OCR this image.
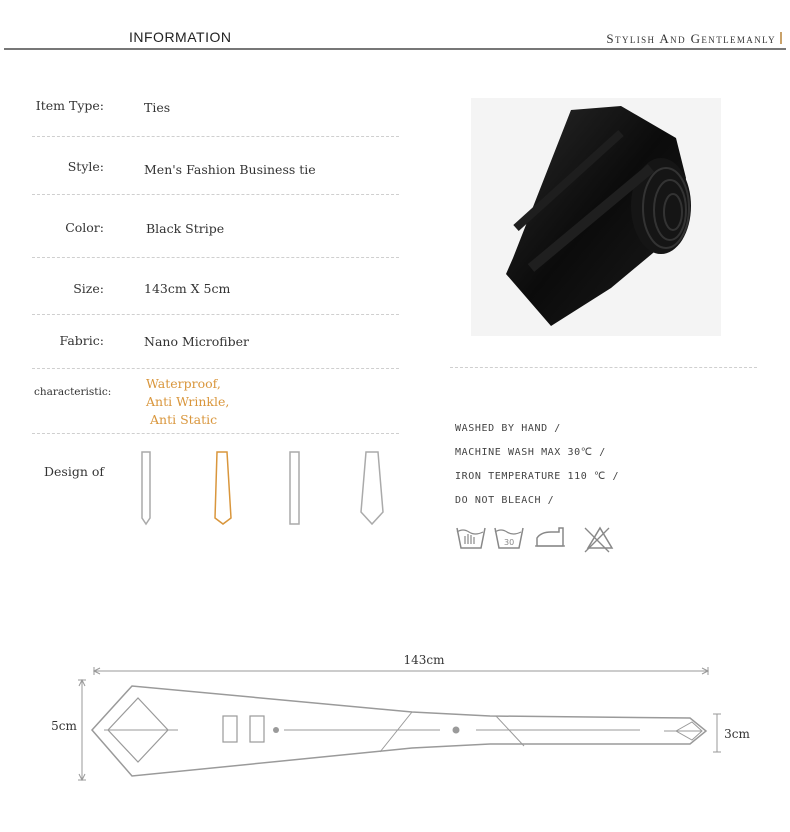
INFORMATION	Stylish And Gentlemanly
Item Type:	Ties
Style:	Men's Fashion Business tie
Color:	Black Stripe
Size:	143cm X 5cm
Fabric:	Nano Microfiber
characteristic:
Waterproof,
Anti Wrinkle,
Anti Static
Design of
WASHED BY HAND /
MACHINE WASH MAX 30℃ /
IRON TEMPERATURE 110 ℃ /
DO NOT BLEACH /
30
143cm
5cm
3cm
